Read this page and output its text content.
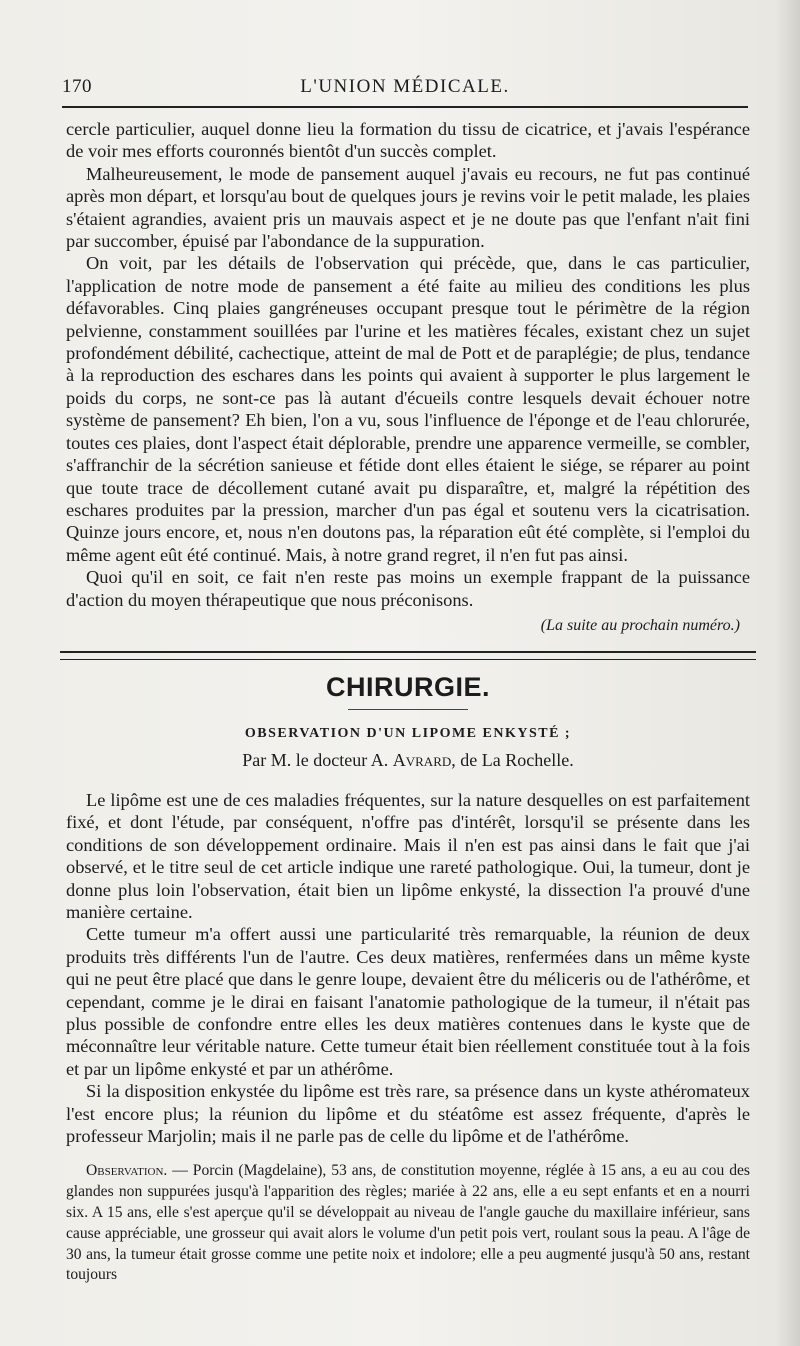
170	L'UNION MÉDICALE.

cercle particulier, auquel donne lieu la formation du tissu de cicatrice, et j'avais l'espérance de voir mes efforts couronnés bientôt d'un succès complet.

Malheureusement, le mode de pansement auquel j'avais eu recours, ne fut pas continué après mon départ, et lorsqu'au bout de quelques jours je revins voir le petit malade, les plaies s'étaient agrandies, avaient pris un mauvais aspect et je ne doute pas que l'enfant n'ait fini par succomber, épuisé par l'abondance de la suppuration.

On voit, par les détails de l'observation qui précède, que, dans le cas particulier, l'application de notre mode de pansement a été faite au milieu des conditions les plus défavorables. Cinq plaies gangréneuses occupant presque tout le périmètre de la région pelvienne, constamment souillées par l'urine et les matières fécales, existant chez un sujet profondément débilité, cachectique, atteint de mal de Pott et de paraplégie; de plus, tendance à la reproduction des eschares dans les points qui avaient à supporter le plus largement le poids du corps, ne sont-ce pas là autant d'écueils contre lesquels devait échouer notre système de pansement? Eh bien, l'on a vu, sous l'influence de l'éponge et de l'eau chlorurée, toutes ces plaies, dont l'aspect était déplorable, prendre une apparence vermeille, se combler, s'affranchir de la sécrétion sanieuse et fétide dont elles étaient le siége, se réparer au point que toute trace de décollement cutané avait pu disparaître, et, malgré la répétition des eschares produites par la pression, marcher d'un pas égal et soutenu vers la cicatrisation. Quinze jours encore, et, nous n'en doutons pas, la réparation eût été complète, si l'emploi du même agent eût été continué. Mais, à notre grand regret, il n'en fut pas ainsi.

Quoi qu'il en soit, ce fait n'en reste pas moins un exemple frappant de la puissance d'action du moyen thérapeutique que nous préconisons.

(La suite au prochain numéro.)
CHIRURGIE.
OBSERVATION D'UN LIPOME ENKYSTÉ ;
Par M. le docteur A. Avrard, de La Rochelle.

Le lipôme est une de ces maladies fréquentes, sur la nature desquelles on est parfaitement fixé, et dont l'étude, par conséquent, n'offre pas d'intérêt, lorsqu'il se présente dans les conditions de son développement ordinaire. Mais il n'en est pas ainsi dans le fait que j'ai observé, et le titre seul de cet article indique une rareté pathologique. Oui, la tumeur, dont je donne plus loin l'observation, était bien un lipôme enkysté, la dissection l'a prouvé d'une manière certaine.

Cette tumeur m'a offert aussi une particularité très remarquable, la réunion de deux produits très différents l'un de l'autre. Ces deux matières, renfermées dans un même kyste qui ne peut être placé que dans le genre loupe, devaient être du méliceris ou de l'athérôme, et cependant, comme je le dirai en faisant l'anatomie pathologique de la tumeur, il n'était pas plus possible de confondre entre elles les deux matières contenues dans le kyste que de méconnaître leur véritable nature. Cette tumeur était bien réellement constituée tout à la fois et par un lipôme enkysté et par un athérôme.

Si la disposition enkystée du lipôme est très rare, sa présence dans un kyste athéromateux l'est encore plus; la réunion du lipôme et du stéatôme est assez fréquente, d'après le professeur Marjolin; mais il ne parle pas de celle du lipôme et de l'athérôme.

Observation. — Porcin (Magdelaine), 53 ans, de constitution moyenne, réglée à 15 ans, a eu au cou des glandes non suppurées jusqu'à l'apparition des règles; mariée à 22 ans, elle a eu sept enfants et en a nourri six. A 15 ans, elle s'est aperçue qu'il se développait au niveau de l'angle gauche du maxillaire inférieur, sans cause appréciable, une grosseur qui avait alors le volume d'un petit pois vert, roulant sous la peau. A l'âge de 30 ans, la tumeur était grosse comme une petite noix et indolore; elle a peu augmenté jusqu'à 50 ans, restant toujours
